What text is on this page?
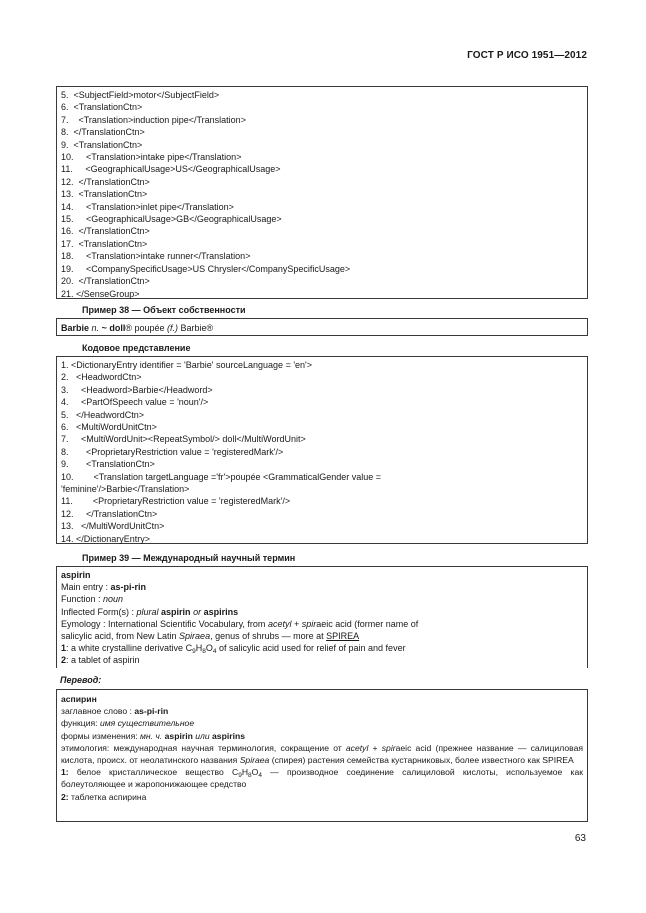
ГОСТ Р ИСО 1951—2012
5.  <SubjectField>motor</SubjectField>
6.  <TranslationCtn>
7.    <Translation>induction pipe</Translation>
8.  </TranslationCtn>
9.  <TranslationCtn>
10.     <Translation>intake pipe</Translation>
11.     <GeographicalUsage>US</GeographicalUsage>
12.  </TranslationCtn>
13.  <TranslationCtn>
14.     <Translation>inlet pipe</Translation>
15.     <GeographicalUsage>GB</GeographicalUsage>
16.  </TranslationCtn>
17.  <TranslationCtn>
18.     <Translation>intake runner</Translation>
19.     <CompanySpecificUsage>US Chrysler</CompanySpecificUsage>
20.  </TranslationCtn>
21. </SenseGroup>
Пример 38 — Объект собственности
Barbie n. ~ doll® poupée (f.) Barbie®
Кодовое представление
1. <DictionaryEntry identifier = 'Barbie' sourceLanguage = 'en'>
2.   <HeadwordCtn>
3.     <Headword>Barbie</Headword>
4.     <PartOfSpeech value = 'noun'/>
5.   </HeadwordCtn>
6.   <MultiWordUnitCtn>
7.     <MultiWordUnit><RepeatSymbol/> doll</MultiWordUnit>
8.       <ProprietaryRestriction value = 'registeredMark'/>
9.       <TranslationCtn>
10.        <Translation targetLanguage ='fr'>poupée <GrammaticalGender value =
'feminine'/>Barbie</Translation>
11.        <ProprietaryRestriction value = 'registeredMark'/>
12.     </TranslationCtn>
13.   </MultiWordUnitCtn>
14. </DictionaryEntry>
Пример 39 — Международный научный термин
aspirin
Main entry : as-pi-rin
Function : noun
Inflected Form(s) : plural aspirin or aspirins
Eymology : International Scientific Vocabulary, from acetyl + spiraeic acid (former name of
salicylic acid, from New Latin Spiraea, genus of shrubs — more at SPIREA
1: a white crystalline derivative $C_9H_8O_4$ of salicylic acid used for relief of pain and fever
2: a tablet of aspirin
Перевод:
аспирин
заглавное слово : as-pi-rin
функция: имя существительное
формы изменения: мн. ч. aspirin или aspirins
этимология: международная научная терминология, сокращение от acetyl + spiraeic acid (прежнее название — салициловая кислота, происх. от неолатинского названия Spiraea (спирея) растения семейства кустарниковых, более известного как SPIREA
1: белое кристаллическое вещество $C_9H_8O_4$ — производное соединение салициловой кислоты, используемое как болеутоляющее и жаропонижающее средство
2: таблетка аспирина
63
